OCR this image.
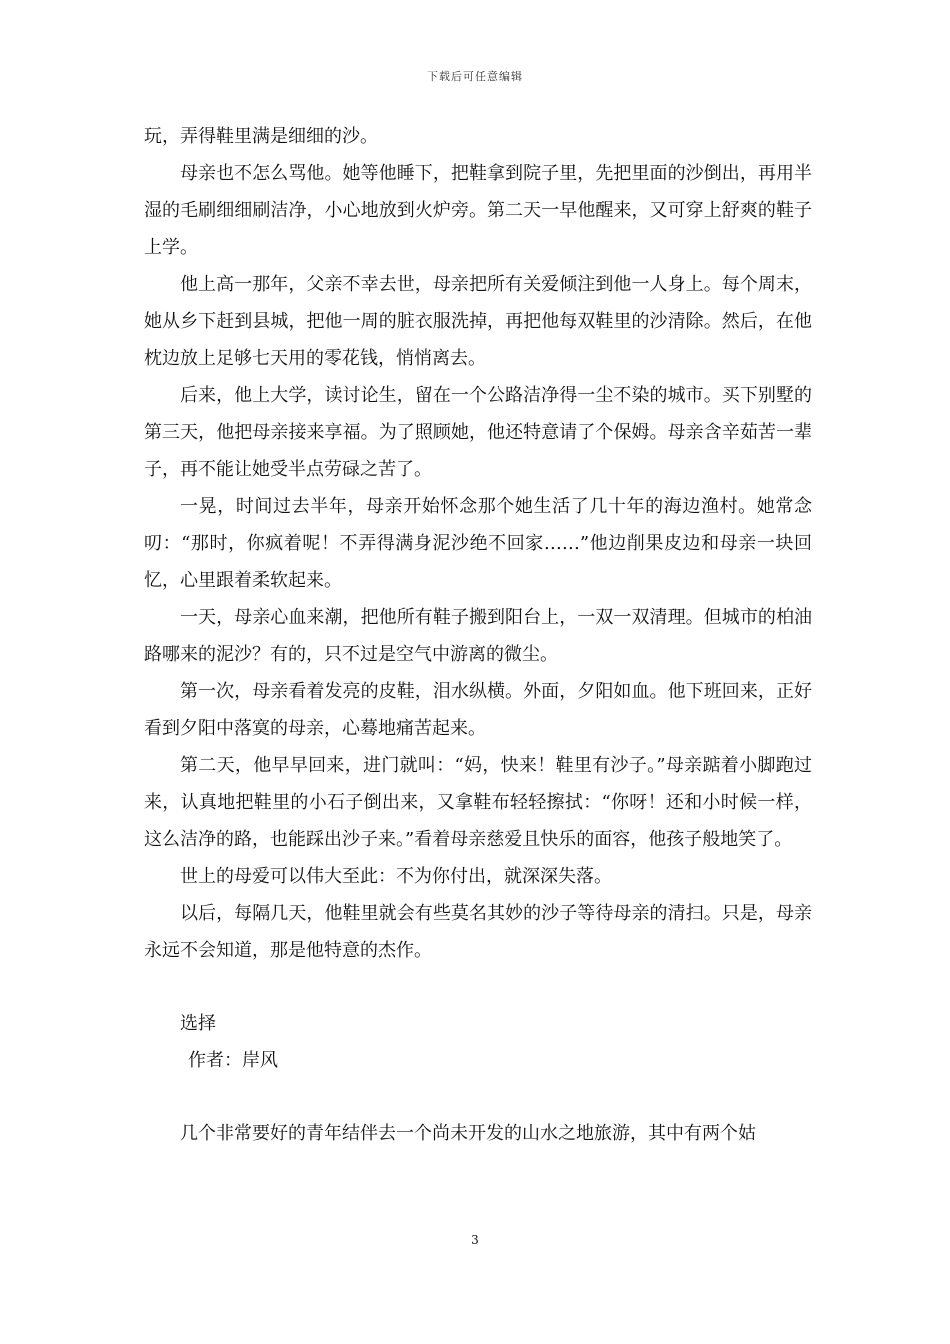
下载后可任意编辑

玩，弄得鞋里满是细细的沙。

母亲也不怎么骂他。她等他睡下，把鞋拿到院子里，先把里面的沙倒出，再用半湿的毛刷细细刷洁净，小心地放到火炉旁。第二天一早他醒来，又可穿上舒爽的鞋子上学。

他上高一那年，父亲不幸去世，母亲把所有关爱倾注到他一人身上。每个周末，她从乡下赶到县城，把他一周的脏衣服洗掉，再把他每双鞋里的沙清除。然后，在他枕边放上足够七天用的零花钱，悄悄离去。

后来，他上大学，读讨论生，留在一个公路洁净得一尘不染的城市。买下别墅的第三天，他把母亲接来享福。为了照顾她，他还特意请了个保姆。母亲含辛茹苦一辈子，再不能让她受半点劳碌之苦了。

一晃，时间过去半年，母亲开始怀念那个她生活了几十年的海边渔村。她常念叨：“那时，你疯着呢！不弄得满身泥沙绝不回家……”他边削果皮边和母亲一块回忆，心里跟着柔软起来。

一天，母亲心血来潮，把他所有鞋子搬到阳台上，一双一双清理。但城市的柏油路哪来的泥沙？有的，只不过是空气中游离的微尘。

第一次，母亲看着发亮的皮鞋，泪水纵横。外面，夕阳如血。他下班回来，正好看到夕阳中落寞的母亲，心蓦地痛苦起来。

第二天，他早早回来，进门就叫：“妈，快来！鞋里有沙子。”母亲踮着小脚跑过来，认真地把鞋里的小石子倒出来，又拿鞋布轻轻擦拭：“你呀！还和小时候一样，这么洁净的路，也能踩出沙子来。”看着母亲慈爱且快乐的面容，他孩子般地笑了。

世上的母爱可以伟大至此：不为你付出，就深深失落。

以后，每隔几天，他鞋里就会有些莫名其妙的沙子等待母亲的清扫。只是，母亲永远不会知道，那是他特意的杰作。

选择

作者：岸风

几个非常要好的青年结伴去一个尚未开发的山水之地旅游，其中有两个姑

3
